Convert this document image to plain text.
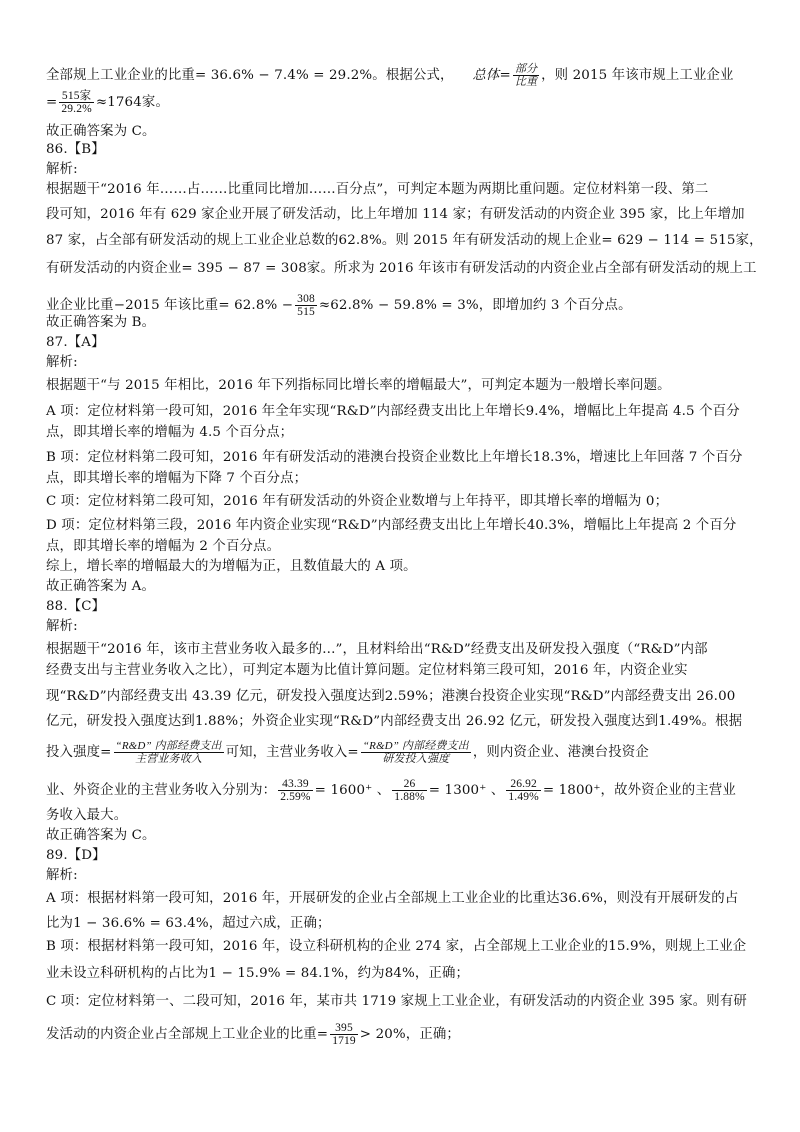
全部规上工业企业的比重= 36.6% − 7.4% = 29.2%。根据公式， 总体= $\frac{\text{部分}}{\text{比重}}$ ，则 2015 年该市规上工业企业
= $\frac{\text{515家}}{29.2\%} \approx 1764$家。
故正确答案为 C。
86.【B】
解析:
根据题干“2016 年……占……比重同比增加……百分点”，可判定本题为两期比重问题。定位材料第一段、第二
段可知，2016 年有 629 家企业开展了研发活动，比上年增加 114 家；有研发活动的内资企业 395 家，比上年增加
87 家，占全部有研发活动的规上工业企业总数的62.8%。则 2015 年有研发活动的规上企业= 629 − 114 = 515家，
有研发活动的内资企业= 395 − 87 = 308家。所求为 2016 年该市有研发活动的内资企业占全部有研发活动的规上工
业企业比重−2015 年该比重= $62.8\% - \frac{308}{515} \approx 62.8\% - 59.8\% = 3\%$，即增加约 3 个百分点。
故正确答案为 B。
87.【A】
解析:
根据题干“与 2015 年相比，2016 年下列指标同比增长率的增幅最大”，可判定本题为一般增长率问题。
A 项：定位材料第一段可知，2016 年全年实现“R&D”内部经费支出比上年增长9.4%，增幅比上年提高 4.5 个百分
点，即其增长率的增幅为 4.5 个百分点；
B 项：定位材料第二段可知，2016 年有研发活动的港澳台投资企业数比上年增长18.3%，增速比上年回落 7 个百分
点，即其增长率的增幅为下降 7 个百分点；
C 项：定位材料第二段可知，2016 年有研发活动的外资企业数增与上年持平，即其增长率的增幅为 0；
D 项：定位材料第三段，2016 年内资企业实现“R&D”内部经费支出比上年增长40.3%，增幅比上年提高 2 个百分
点，即其增长率的增幅为 2 个百分点。
综上，增长率的增幅最大的为增幅为正，且数值最大的 A 项。
故正确答案为 A。
88.【C】
解析:
根据题干“2016 年，该市主营业务收入最多的...”，且材料给出“R&D”经费支出及研发投入强度（“R&D”内部
经费支出与主营业务收入之比），可判定本题为比值计算问题。定位材料第三段可知，2016 年，内资企业实
现“R&D”内部经费支出 43.39 亿元，研发投入强度达到2.59%；港澳台投资企业实现“R&D”内部经费支出 26.00
亿元，研发投入强度达到1.88%；外资企业实现“R&D”内部经费支出 26.92 亿元，研发投入强度达到1.49%。根据
投入强度= $\frac{\text{“R\&D” 内部经费支出}}{\text{主营业务收入}}$ 可知，主营业务收入= $\frac{\text{“R\&D” 内部经费支出}}{\text{研发投入强度}}$ ，则内资企业、港澳台投资企
业、外资企业的主营业务收入分别为： $\frac{43.39}{2.59\%} = 1600^+$ 、 $\frac{26}{1.88\%} = 1300^+$ 、 $\frac{26.92}{1.49\%} = 1800^+$，故外资企业的主营业
务收入最大。
故正确答案为 C。
89.【D】
解析:
A 项：根据材料第一段可知，2016 年，开展研发的企业占全部规上工业企业的比重达36.6%，则没有开展研发的占
比为1 − 36.6% = 63.4%，超过六成，正确；
B 项：根据材料第一段可知，2016 年，设立科研机构的企业 274 家，占全部规上工业企业的15.9%，则规上工业企
业未设立科研机构的占比为1 − 15.9% = 84.1%，约为84%，正确；
C 项：定位材料第一、二段可知，2016 年，某市共 1719 家规上工业企业，有研发活动的内资企业 395 家。则有研
发活动的内资企业占全部规上工业企业的比重= $\frac{395}{1719} > 20\%$，正确；
